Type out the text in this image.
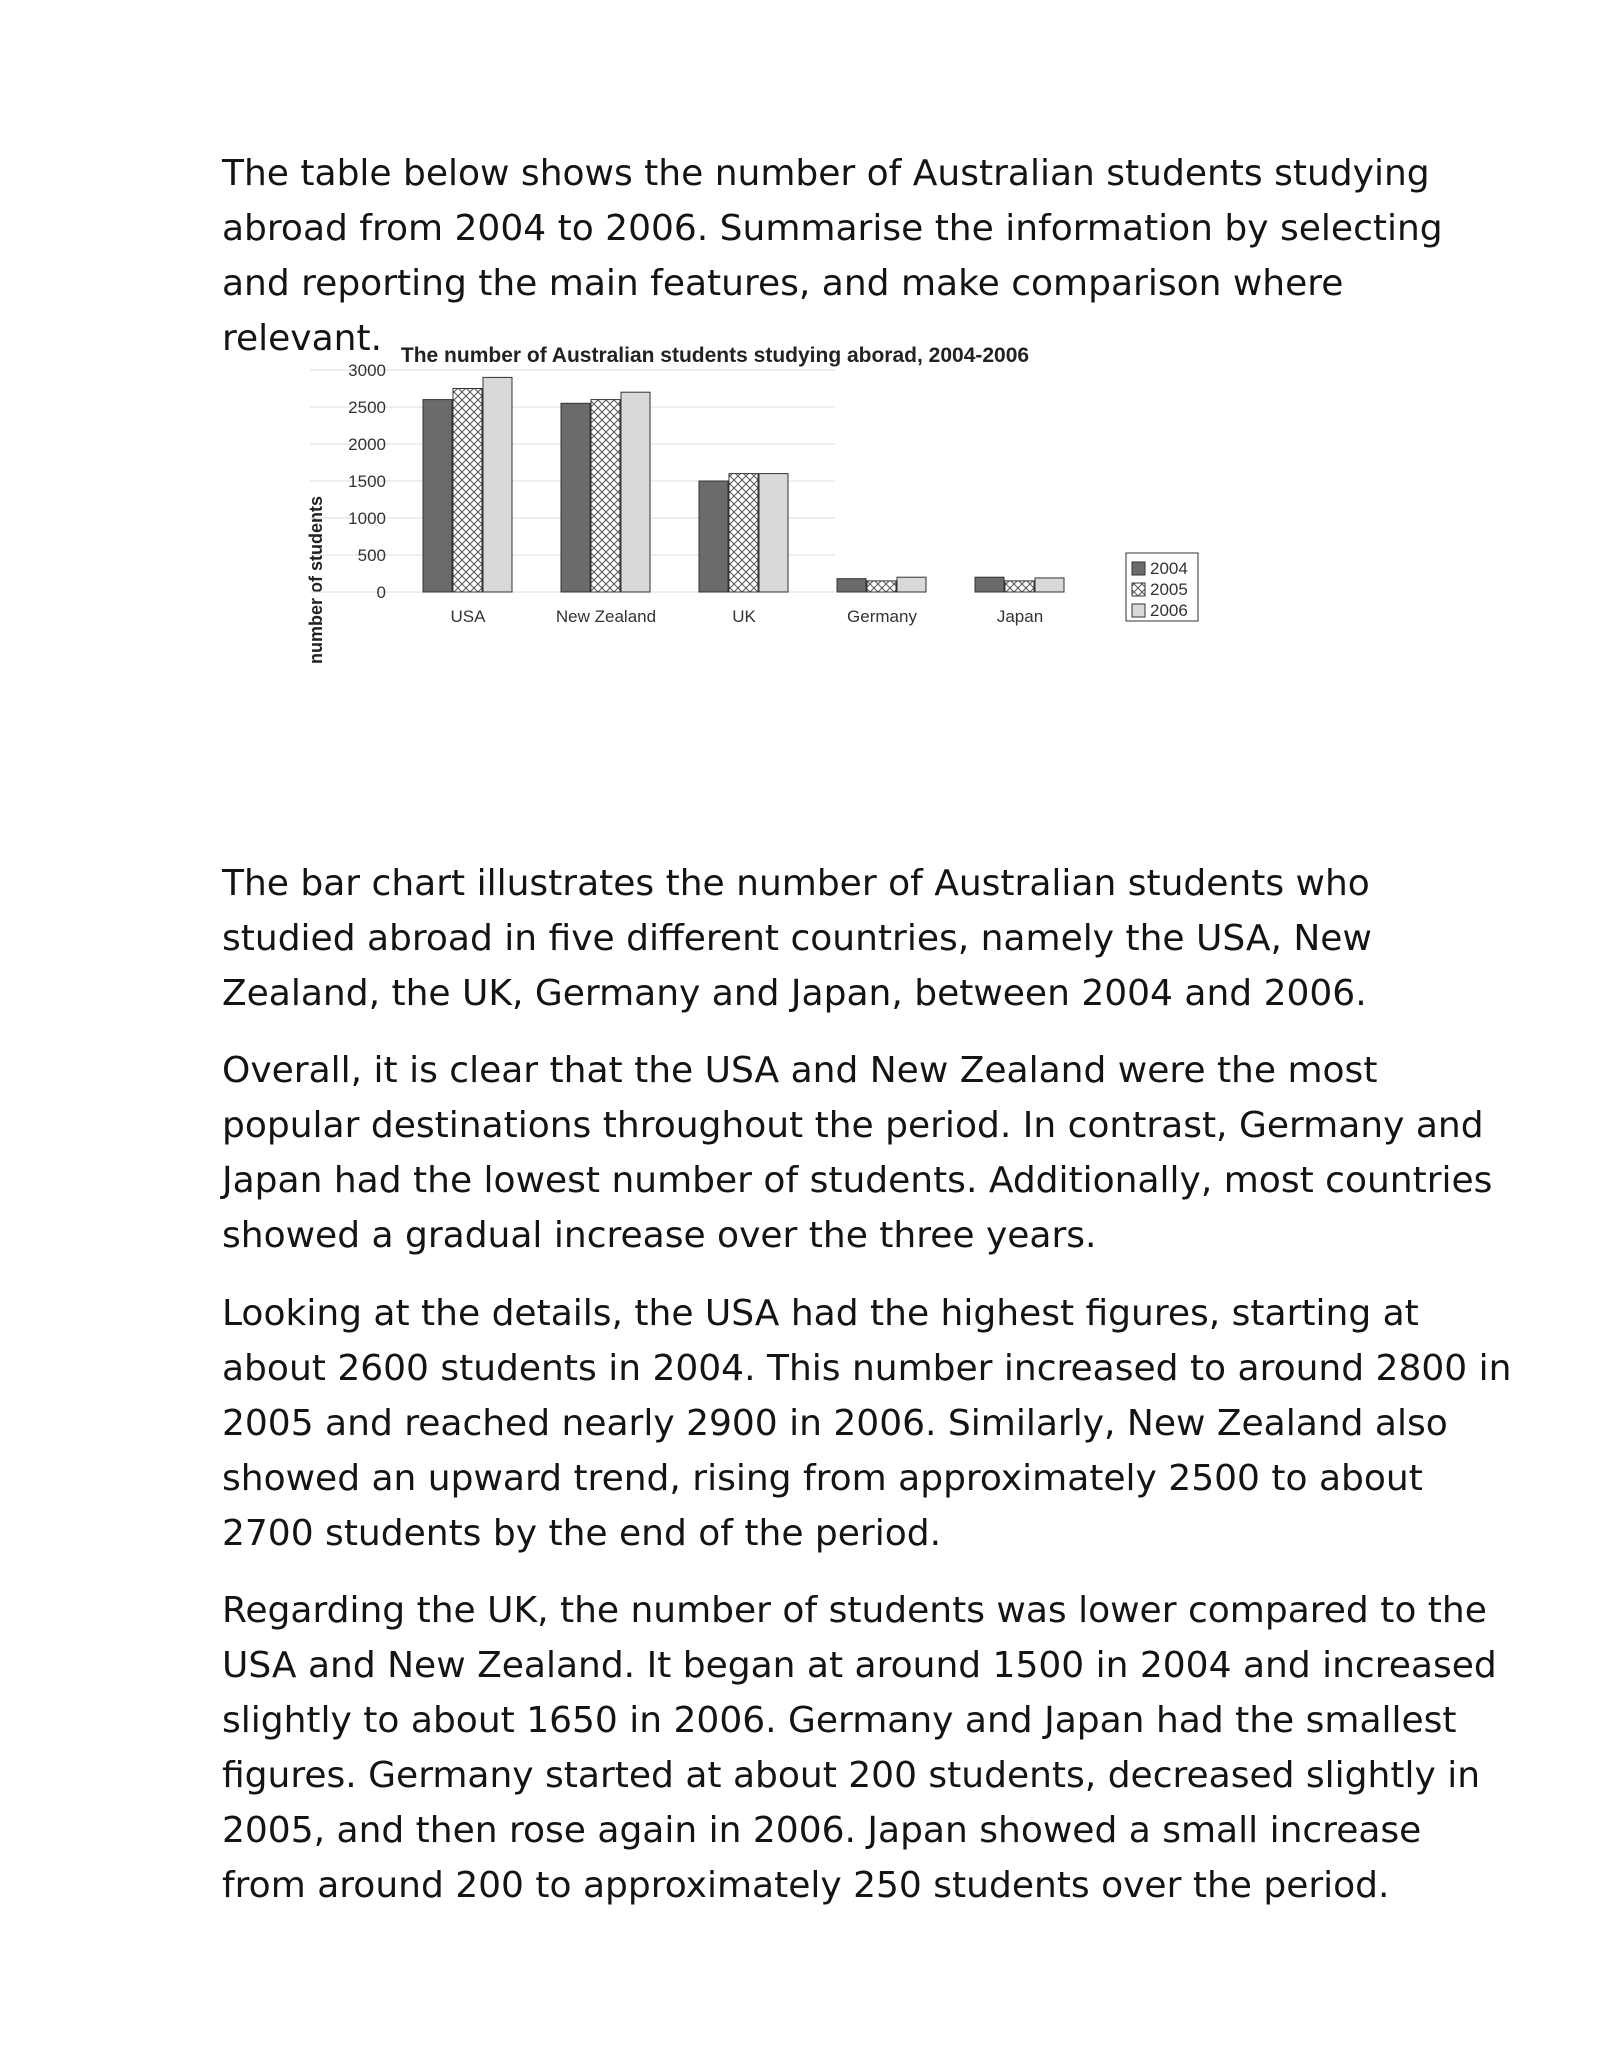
The table below shows the number of Australian students studying abroad from 2004 to 2006. Summarise the information by selecting and reporting the main features, and make comparison where relevant. The number of Australian students studying aborad, 2004-2006
number of students	0
500
1000
1500
2000
2500
3000
USA	New Zealand	UK	Germany	Japan
2004
2005
2006

The bar chart illustrates the number of Australian students who studied abroad in five different countries, namely the USA, New Zealand, the UK, Germany and Japan, between 2004 and 2006.

Overall, it is clear that the USA and New Zealand were the most popular destinations throughout the period. In contrast, Germany and Japan had the lowest number of students. Additionally, most countries showed a gradual increase over the three years.

Looking at the details, the USA had the highest figures, starting at about 2600 students in 2004. This number increased to around 2800 in 2005 and reached nearly 2900 in 2006. Similarly, New Zealand also showed an upward trend, rising from approximately 2500 to about 2700 students by the end of the period.

Regarding the UK, the number of students was lower compared to the USA and New Zealand. It began at around 1500 in 2004 and increased slightly to about 1650 in 2006. Germany and Japan had the smallest figures. Germany started at about 200 students, decreased slightly in 2005, and then rose again in 2006. Japan showed a small increase from around 200 to approximately 250 students over the period.
